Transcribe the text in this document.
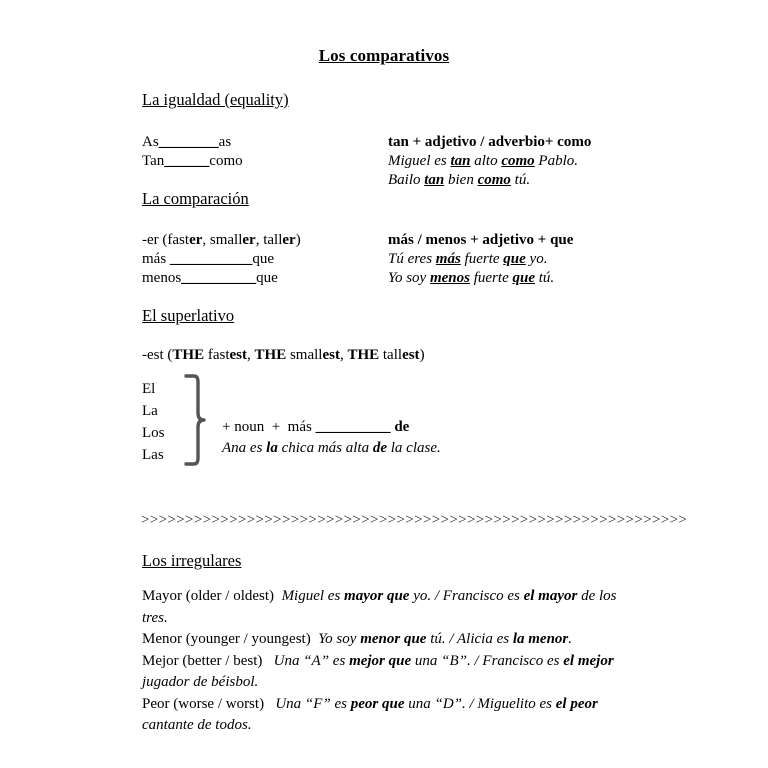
Los comparativos
La igualdad (equality)
As________as
Tan______como
tan + adjetivo / adverbio+ como
Miguel es tan alto como Pablo.
Bailo tan bien como tú.
La comparación
-er (faster, smaller, taller)
más ___________que
menos__________que
más / menos + adjetivo + que
Tú eres más fuerte que yo.
Yo soy menos fuerte que tú.
El superlativo
-est (THE fastest, THE smallest, THE tallest)
El
La
Los
Las
+ noun  +  más __________ de
Ana es la chica más alta de la clase.
>>>>>>>>>>>>>>>>>>>>>>>>>>>>>>>>>>>>>>>>>>>>>>>>>>>>>>>>>>>>>>
Los irregulares
Mayor (older / oldest) Miguel es mayor que yo. / Francisco es el mayor de los tres.
Menor (younger / youngest) Yo soy menor que tú. / Alicia es la menor.
Mejor (better / best) Una “A” es mejor que una “B”. / Francisco es el mejor jugador de béisbol.
Peor (worse / worst) Una “F” es peor que una “D”. / Miguelito es el peor cantante de todos.
